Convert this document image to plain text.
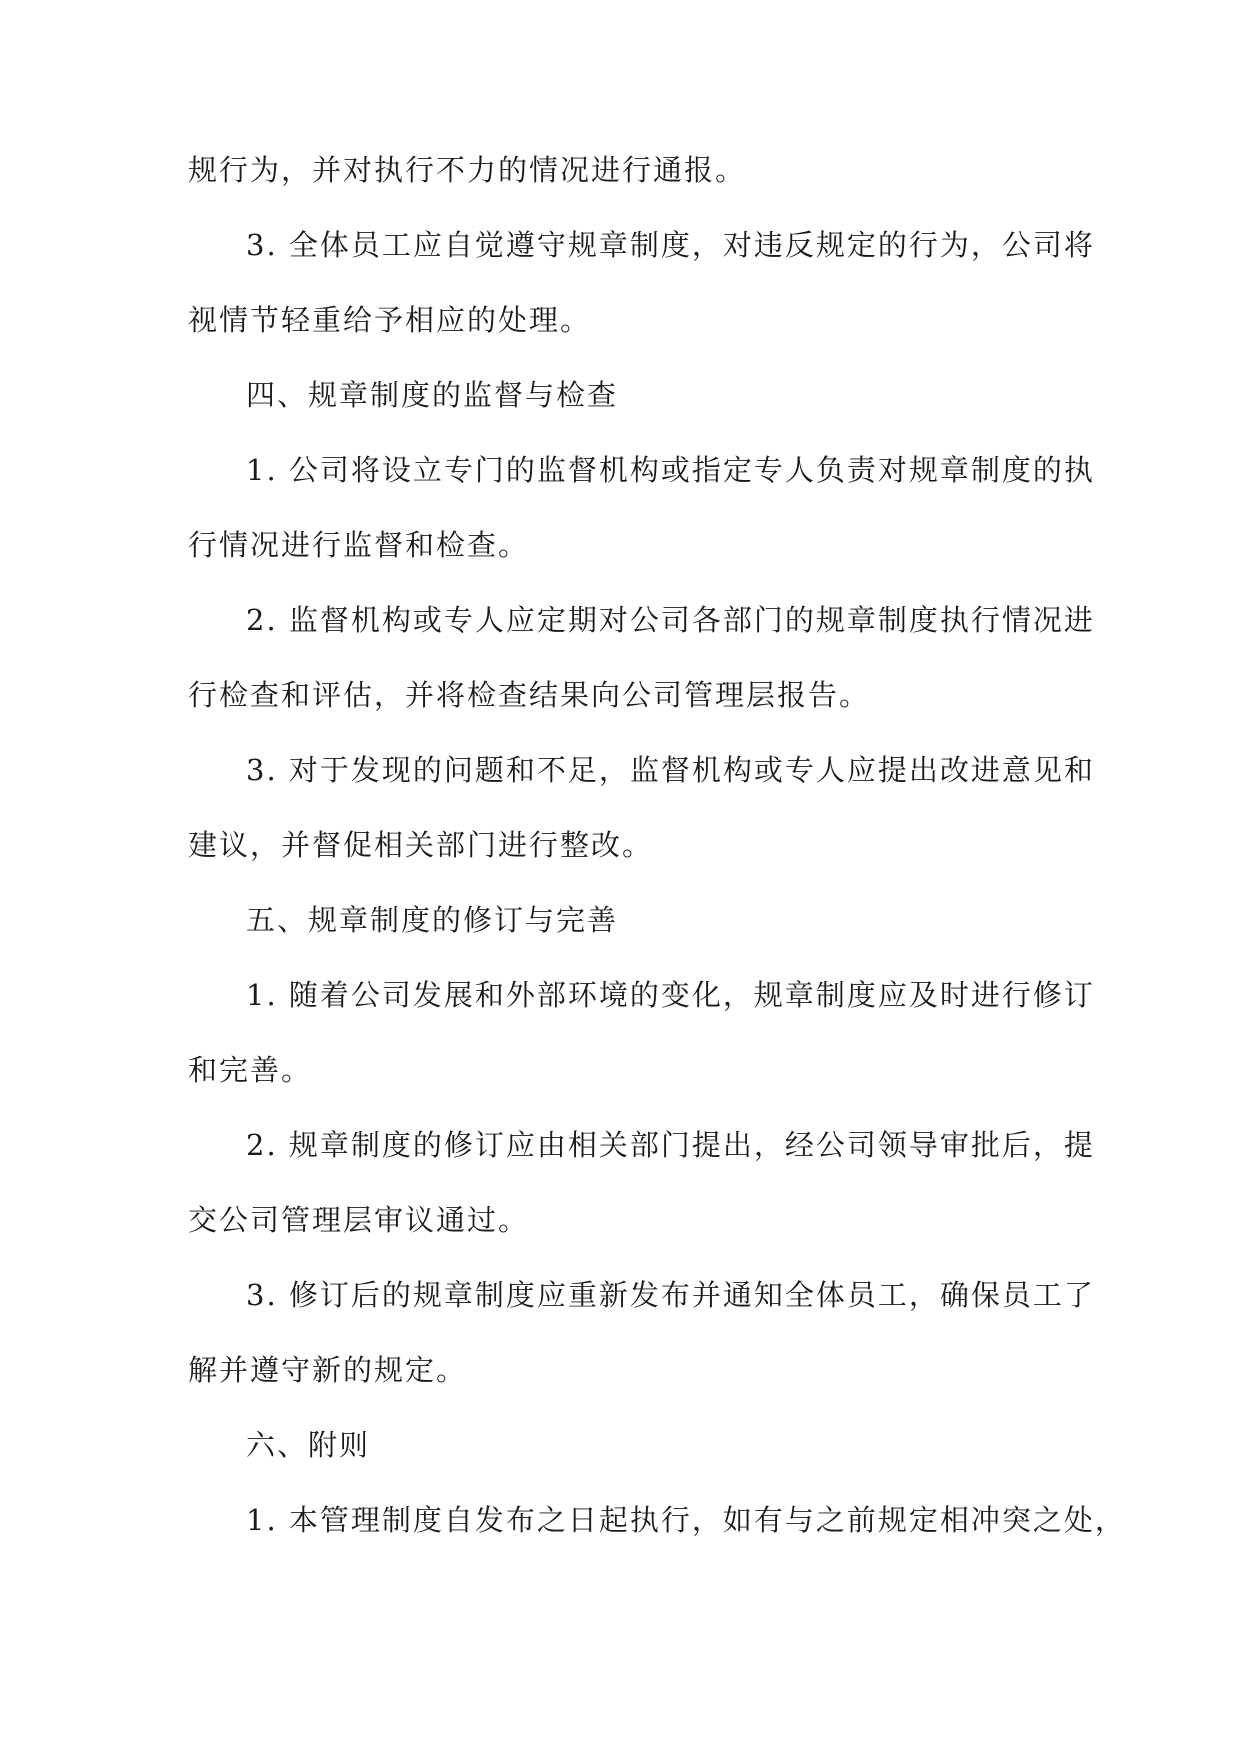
规行为，并对执行不力的情况进行通报。
3. 全体员工应自觉遵守规章制度，对违反规定的行为，公司将
视情节轻重给予相应的处理。
四、规章制度的监督与检查
1. 公司将设立专门的监督机构或指定专人负责对规章制度的执
行情况进行监督和检查。
2. 监督机构或专人应定期对公司各部门的规章制度执行情况进
行检查和评估，并将检查结果向公司管理层报告。
3. 对于发现的问题和不足，监督机构或专人应提出改进意见和
建议，并督促相关部门进行整改。
五、规章制度的修订与完善
1. 随着公司发展和外部环境的变化，规章制度应及时进行修订
和完善。
2. 规章制度的修订应由相关部门提出，经公司领导审批后，提
交公司管理层审议通过。
3. 修订后的规章制度应重新发布并通知全体员工，确保员工了
解并遵守新的规定。
六、附则
1. 本管理制度自发布之日起执行，如有与之前规定相冲突之处，
